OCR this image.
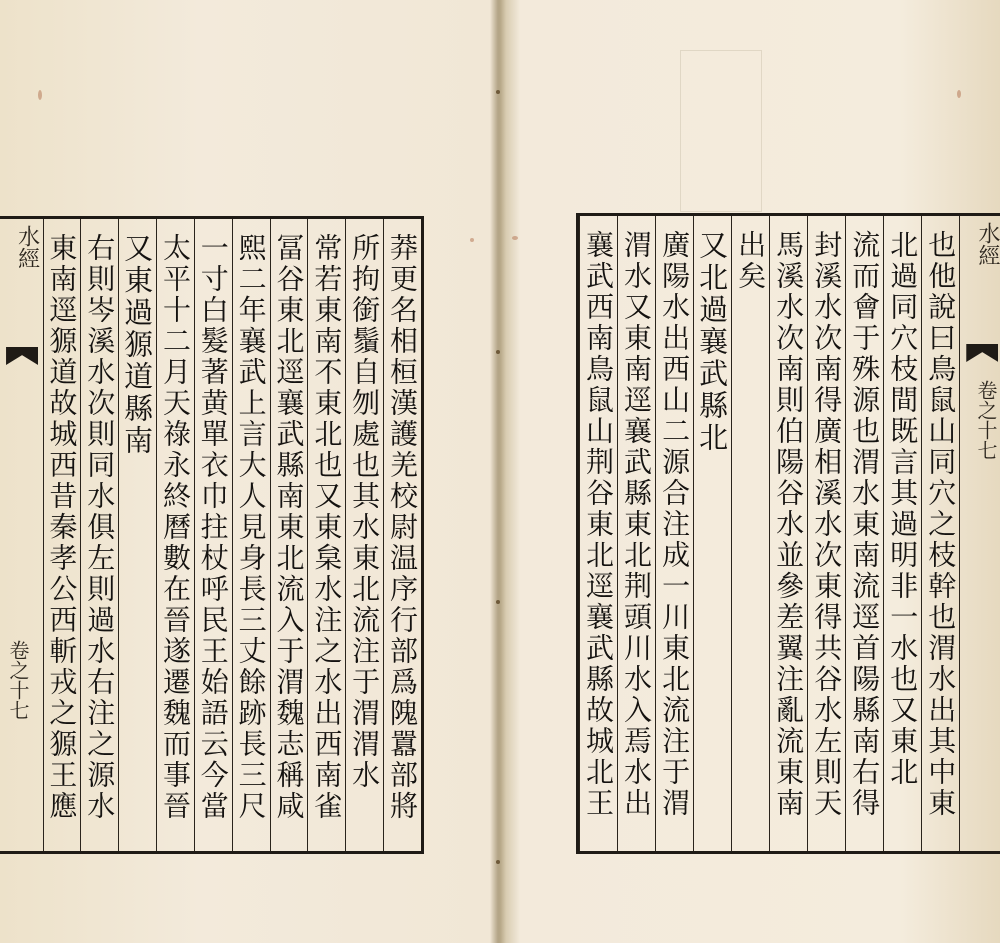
莽更名相桓漢護羌校尉温序行部爲隗囂部將
所拘銜鬚自刎處也其水東北流注于渭渭水
常若東南不東北也又東枲水注之水出西南雀
冨谷東北逕襄武縣南東北流入于渭魏志稱咸
熙二年襄武上言大人見身長三丈餘跡長三尺
一寸白髮著黄單衣巾拄杖呼民王始語云今當
太平十二月天祿永終曆數在晉遂遷魏而事晉
又東過獂道縣南
右則岑溪水次則同水俱左則過水右注之源水
東南逕獂道故城西昔秦孝公西斬戎之獂王應
水經
卷之十七
水經
也他說曰鳥鼠山同穴之枝幹也渭水出其中東
北過同穴枝間既言其過明非一水也又東北
流而會于殊源也渭水東南流逕首陽縣南右得
封溪水次南得廣相溪水次東得共谷水左則天
馬溪水次南則伯陽谷水並參差翼注亂流東南
出矣
又北過襄武縣北
廣陽水出西山二源合注成一川東北流注于渭
渭水又東南逕襄武縣東北荆頭川水入焉水出
襄武西南鳥鼠山荆谷東北逕襄武縣故城北王	卷之十七
